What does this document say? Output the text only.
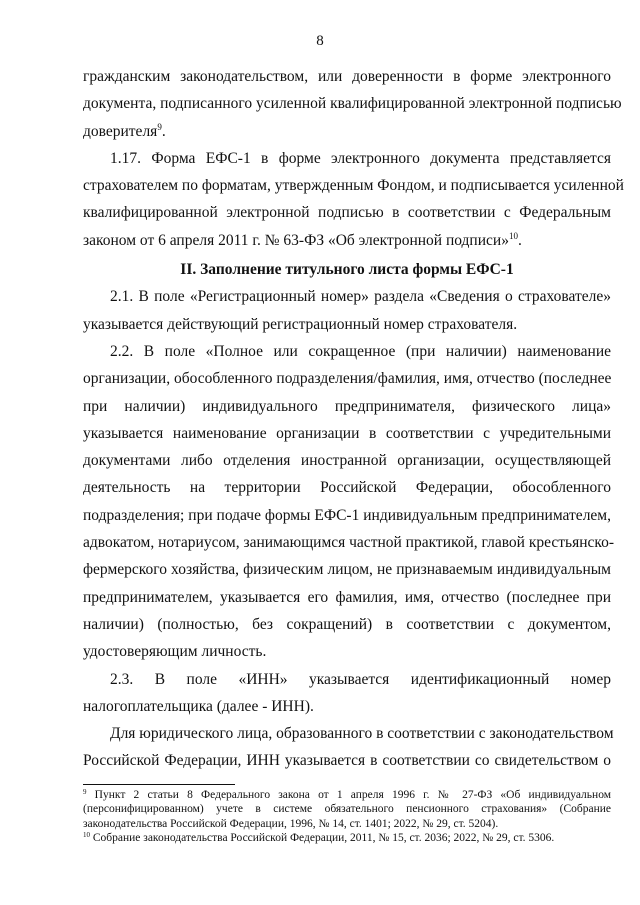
8
гражданским законодательством, или доверенности в форме электронного
документа, подписанного усиленной квалифицированной электронной подписью
доверителя$^9$.
1.17. Форма ЕФС-1 в форме электронного документа представляется
страхователем по форматам, утвержденным Фондом, и подписывается усиленной
квалифицированной электронной подписью в соответствии с Федеральным
законом от 6 апреля 2011 г. № 63-ФЗ «Об электронной подписи»$^{10}$.
II. Заполнение титульного листа формы ЕФС-1
2.1. В поле «Регистрационный номер» раздела «Сведения о страхователе»
указывается действующий регистрационный номер страхователя.
2.2. В поле «Полное или сокращенное (при наличии) наименование
организации, обособленного подразделения/фамилия, имя, отчество (последнее
при наличии) индивидуального предпринимателя, физического лица»
указывается наименование организации в соответствии с учредительными
документами либо отделения иностранной организации, осуществляющей
деятельность на территории Российской Федерации, обособленного
подразделения; при подаче формы ЕФС-1 индивидуальным предпринимателем,
адвокатом, нотариусом, занимающимся частной практикой, главой крестьянско-
фермерского хозяйства, физическим лицом, не признаваемым индивидуальным
предпринимателем, указывается его фамилия, имя, отчество (последнее при
наличии) (полностью, без сокращений) в соответствии с документом,
удостоверяющим личность.
2.3. В поле «ИНН» указывается идентификационный номер
налогоплательщика (далее - ИНН).
Для юридического лица, образованного в соответствии с законодательством
Российской Федерации, ИНН указывается в соответствии со свидетельством о
$^9$ Пункт 2 статьи 8 Федерального закона от 1 апреля 1996 г. № 27-ФЗ «Об индивидуальном
(персонифицированном) учете в системе обязательного пенсионного страхования» (Собрание
законодательства Российской Федерации, 1996, № 14, ст. 1401; 2022, № 29, ст. 5204).
$^{10}$ Собрание законодательства Российской Федерации, 2011, № 15, ст. 2036; 2022, № 29, ст. 5306.
